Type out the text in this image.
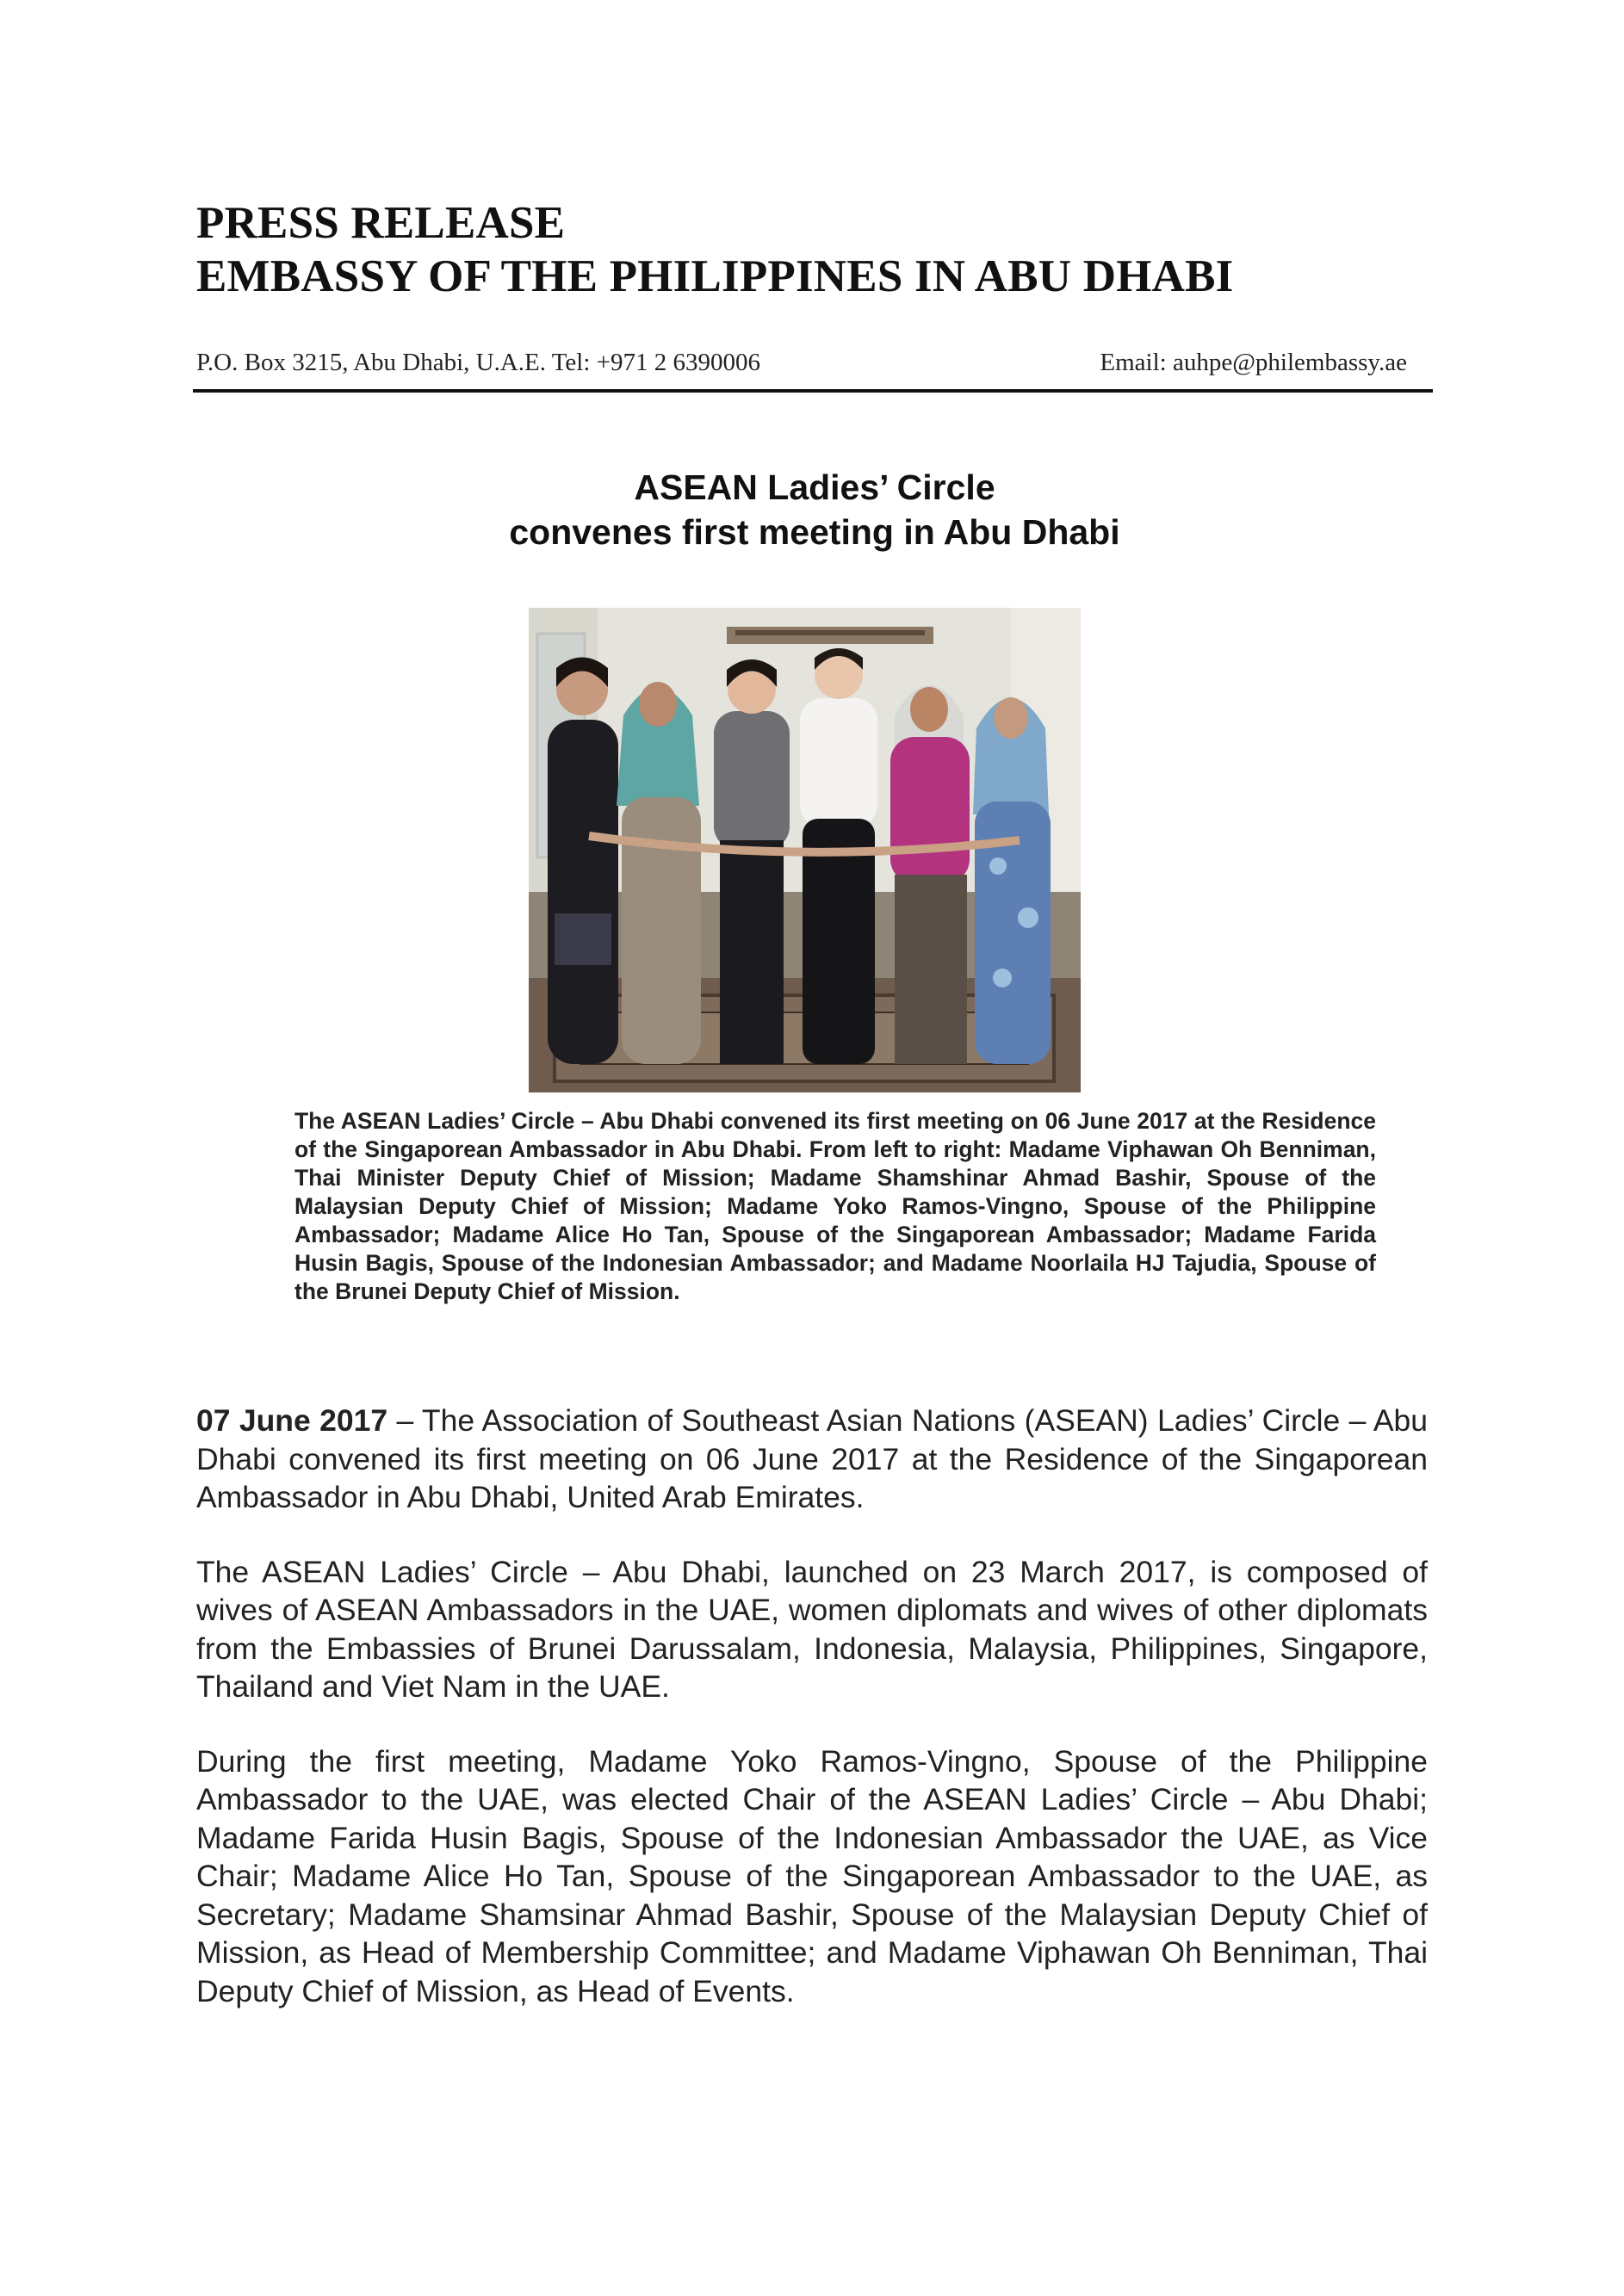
PRESS RELEASE
EMBASSY OF THE PHILIPPINES IN ABU DHABI
P.O. Box 3215, Abu Dhabi, U.A.E. Tel: +971 2 6390006	Email: auhpe@philembassy.ae
ASEAN Ladies’ Circle
convenes first meeting in Abu Dhabi
The ASEAN Ladies’ Circle – Abu Dhabi convened its first meeting on 06 June 2017 at the Residence of the Singaporean Ambassador in Abu Dhabi. From left to right: Madame Viphawan Oh Benniman, Thai Minister Deputy Chief of Mission; Madame Shamshinar Ahmad Bashir, Spouse of the Malaysian Deputy Chief of Mission; Madame Yoko Ramos-Vingno, Spouse of the Philippine Ambassador; Madame Alice Ho Tan, Spouse of the Singaporean Ambassador; Madame Farida Husin Bagis, Spouse of the Indonesian Ambassador; and Madame Noorlaila HJ Tajudia, Spouse of the Brunei Deputy Chief of Mission.

07 June 2017 – The Association of Southeast Asian Nations (ASEAN) Ladies’ Circle – Abu Dhabi convened its first meeting on 06 June 2017 at the Residence of the Singaporean Ambassador in Abu Dhabi, United Arab Emirates.

The ASEAN Ladies’ Circle – Abu Dhabi, launched on 23 March 2017, is composed of wives of ASEAN Ambassadors in the UAE, women diplomats and wives of other diplomats from the Embassies of Brunei Darussalam, Indonesia, Malaysia, Philippines, Singapore, Thailand and Viet Nam in the UAE.

During the first meeting, Madame Yoko Ramos-Vingno, Spouse of the Philippine Ambassador to the UAE, was elected Chair of the ASEAN Ladies’ Circle – Abu Dhabi; Madame Farida Husin Bagis, Spouse of the Indonesian Ambassador the UAE, as Vice Chair; Madame Alice Ho Tan, Spouse of the Singaporean Ambassador to the UAE, as Secretary; Madame Shamsinar Ahmad Bashir, Spouse of the Malaysian Deputy Chief of Mission, as Head of Membership Committee; and Madame Viphawan Oh Benniman, Thai Deputy Chief of Mission, as Head of Events.
